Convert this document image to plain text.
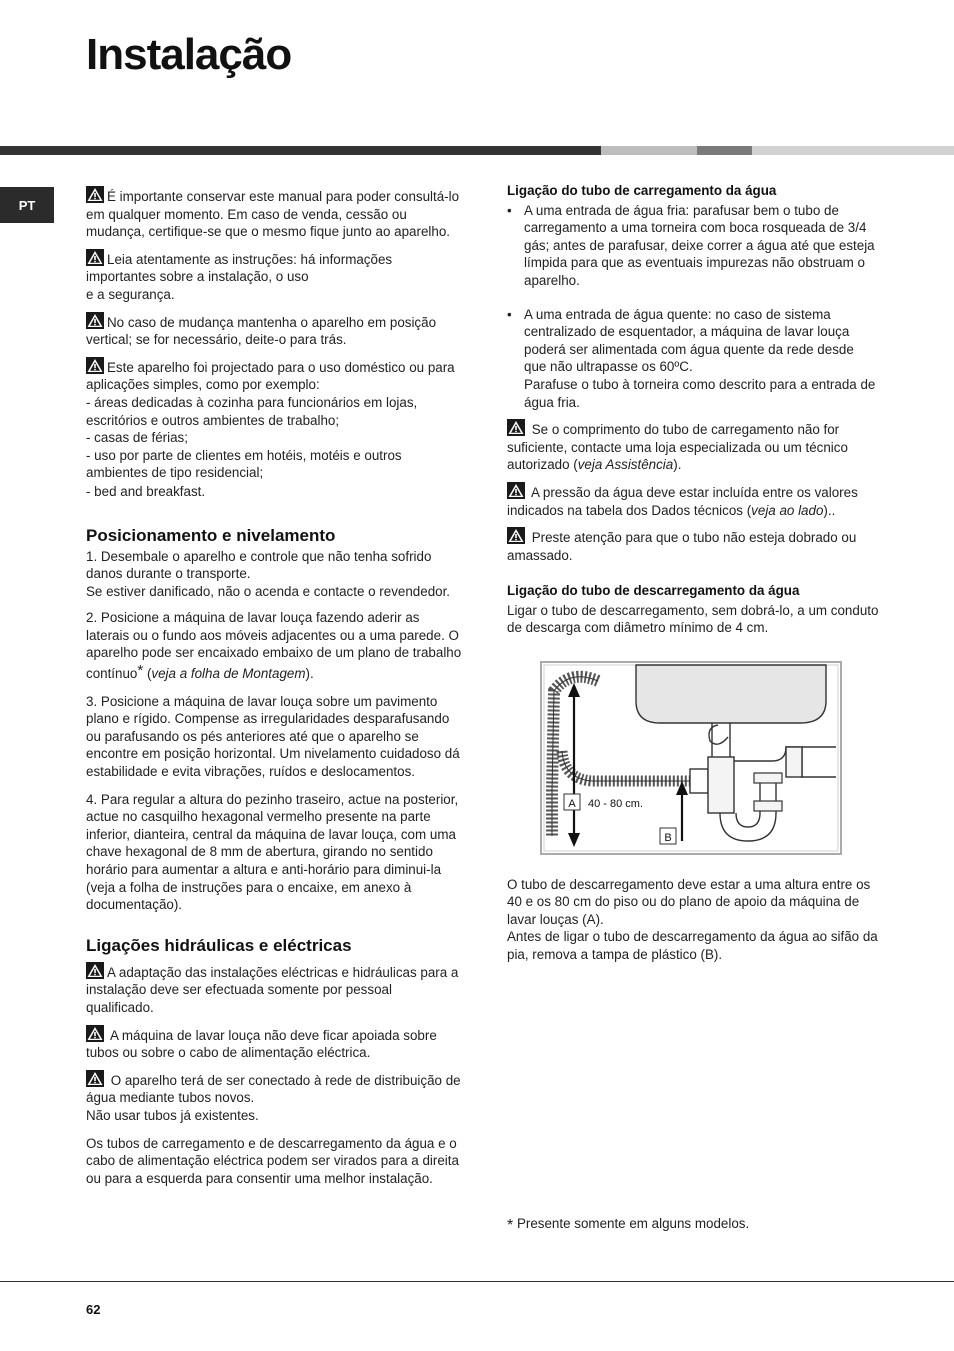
Instalação
PT

É importante conservar este manual para poder consultá-lo em qualquer momento. Em caso de venda, cessão ou mudança, certifique-se que o mesmo fique junto ao aparelho.

Leia atentamente as instruções: há informações importantes sobre a instalação, o uso

e a segurança.

No caso de mudança mantenha o aparelho em posição vertical; se for necessário, deite-o para trás.

Este aparelho foi projectado para o uso doméstico ou para aplicações simples, como por exemplo:
- áreas dedicadas à cozinha para funcionários em lojas, escritórios e outros ambientes de trabalho;
- casas de férias;
- uso por parte de clientes em hotéis, motéis e outros ambientes de tipo residencial;
- bed and breakfast.
Posicionamento e nivelamento

1. Desembale o aparelho e controle que não tenha sofrido danos durante o transporte.
Se estiver danificado, não o acenda e contacte o revendedor.

2. Posicione a máquina de lavar louça fazendo aderir as laterais ou o fundo aos móveis adjacentes ou a uma parede. O aparelho pode ser encaixado embaixo de um plano de trabalho contínuo* (veja a folha de Montagem).

3. Posicione a máquina de lavar louça sobre um pavimento plano e rígido. Compense as irregularidades desparafusando ou parafusando os pés anteriores até que o aparelho se encontre em posição horizontal. Um nivelamento cuidadoso dá estabilidade e evita vibrações, ruídos e deslocamentos.

4. Para regular a altura do pezinho traseiro, actue na posterior, actue no casquilho hexagonal vermelho presente na parte inferior, dianteira, central da máquina de lavar louça, com uma chave hexagonal de 8 mm de abertura, girando no sentido horário para aumentar a altura e anti-horário para diminui-la (veja a folha de instruções para o encaixe, em anexo à documentação).

Ligações hidráulicas e eléctricas

A adaptação das instalações eléctricas e hidráulicas para a instalação deve ser efectuada somente por pessoal qualificado.

A máquina de lavar louça não deve ficar apoiada sobre tubos ou sobre o cabo de alimentação eléctrica.

O aparelho terá de ser conectado à rede de distribuição de água mediante tubos novos.
Não usar tubos já existentes.

Os tubos de carregamento e de descarregamento da água e o cabo de alimentação eléctrica podem ser virados para a direita ou para a esquerda para consentir uma melhor instalação.

Ligação do tubo de carregamento da água
• A uma entrada de água fria: parafusar bem o tubo de carregamento a uma torneira com boca rosqueada de 3/4 gás; antes de parafusar, deixe correr a água até que esteja límpida para que as eventuais impurezas não obstruam o aparelho.
• A uma entrada de água quente: no caso de sistema centralizado de esquentador, a máquina de lavar louça poderá ser alimentada com água quente da rede desde que não ultrapasse os 60ºC.
Parafuse o tubo à torneira como descrito para a entrada de água fria.

Se o comprimento do tubo de carregamento não for suficiente, contacte uma loja especializada ou um técnico autorizado (veja Assistência).

A pressão da água deve estar incluída entre os valores indicados na tabela dos Dados técnicos (veja ao lado)..

Preste atenção para que o tubo não esteja dobrado ou amassado.

Ligação do tubo de descarregamento da água

Ligar o tubo de descarregamento, sem dobrá-lo, a um conduto de descarga com diâmetro mínimo de 4 cm.

A 40 - 80 cm.
B

O tubo de descarregamento deve estar a uma altura entre os 40 e os 80 cm do piso ou do plano de apoio da máquina de lavar louças (A).
Antes de ligar o tubo de descarregamento da água ao sifão da pia, remova a tampa de plástico (B).

* Presente somente em alguns modelos.
62
